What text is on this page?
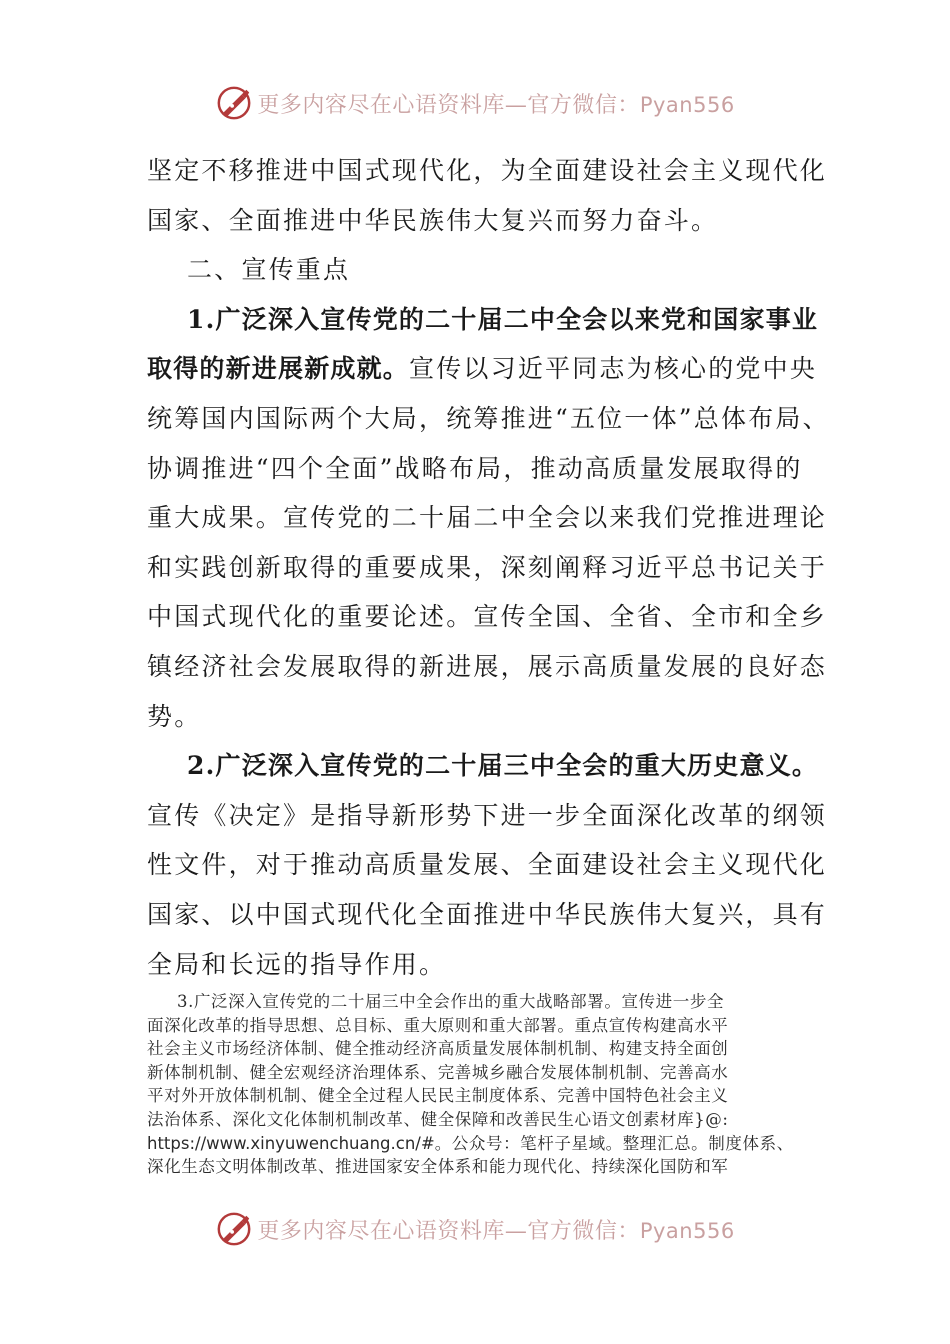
更多内容尽在心语资料库—官方微信：Pyan556
坚定不移推进中国式现代化，为全面建设社会主义现代化
国家、全面推进中华民族伟大复兴而努力奋斗。
二、宣传重点
1.广泛深入宣传党的二十届二中全会以来党和国家事业
取得的新进展新成就。宣传以习近平同志为核心的党中央
统筹国内国际两个大局，统筹推进“五位一体”总体布局、
协调推进“四个全面”战略布局，推动高质量发展取得的
重大成果。宣传党的二十届二中全会以来我们党推进理论
和实践创新取得的重要成果，深刻阐释习近平总书记关于
中国式现代化的重要论述。宣传全国、全省、全市和全乡
镇经济社会发展取得的新进展，展示高质量发展的良好态
势。
2.广泛深入宣传党的二十届三中全会的重大历史意义。
宣传《决定》是指导新形势下进一步全面深化改革的纲领
性文件，对于推动高质量发展、全面建设社会主义现代化
国家、以中国式现代化全面推进中华民族伟大复兴，具有
全局和长远的指导作用。
3.广泛深入宣传党的二十届三中全会作出的重大战略部署。宣传进一步全
面深化改革的指导思想、总目标、重大原则和重大部署。重点宣传构建高水平
社会主义市场经济体制、健全推动经济高质量发展体制机制、构建支持全面创
新体制机制、健全宏观经济治理体系、完善城乡融合发展体制机制、完善高水
平对外开放体制机制、健全全过程人民民主制度体系、完善中国特色社会主义
法治体系、深化文化体制机制改革、健全保障和改善民生心语文创素材库}@:
https://www.xinyuwenchuang.cn/#。公众号：笔杆子星域。整理汇总。制度体系、
深化生态文明体制改革、推进国家安全体系和能力现代化、持续深化国防和军
更多内容尽在心语资料库—官方微信：Pyan556
